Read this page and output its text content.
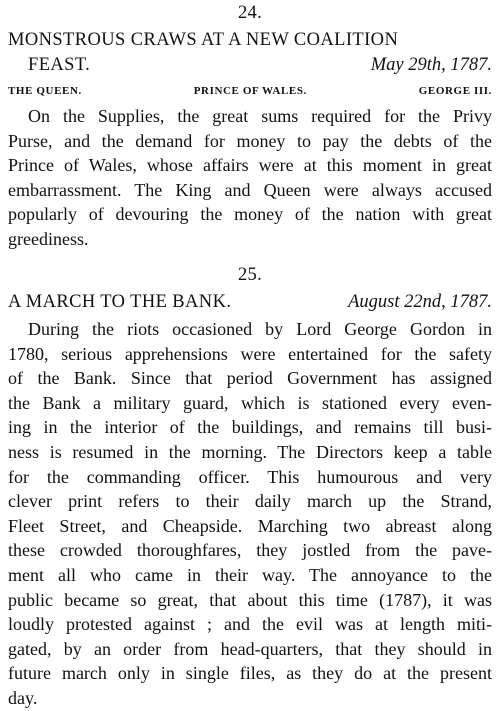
24.
MONSTROUS CRAWS AT A NEW COALITION
FEAST.	May 29th, 1787.
THE QUEEN.	PRINCE OF WALES.	GEORGE III.
On the Supplies, the great sums required for the Privy
Purse, and the demand for money to pay the debts of the
Prince of Wales, whose affairs were at this moment in great
embarrassment. The King and Queen were always accused
popularly of devouring the money of the nation with great
greediness.
25.
A MARCH TO THE BANK.	August 22nd, 1787.
During the riots occasioned by Lord George Gordon in
1780, serious apprehensions were entertained for the safety
of the Bank. Since that period Government has assigned
the Bank a military guard, which is stationed every even-
ing in the interior of the buildings, and remains till busi-
ness is resumed in the morning. The Directors keep a table
for the commanding officer. This humourous and very
clever print refers to their daily march up the Strand,
Fleet Street, and Cheapside. Marching two abreast along
these crowded thoroughfares, they jostled from the pave-
ment all who came in their way. The annoyance to the
public became so great, that about this time (1787), it was
loudly protested against ; and the evil was at length miti-
gated, by an order from head-quarters, that they should in
future march only in single files, as they do at the present
day.
